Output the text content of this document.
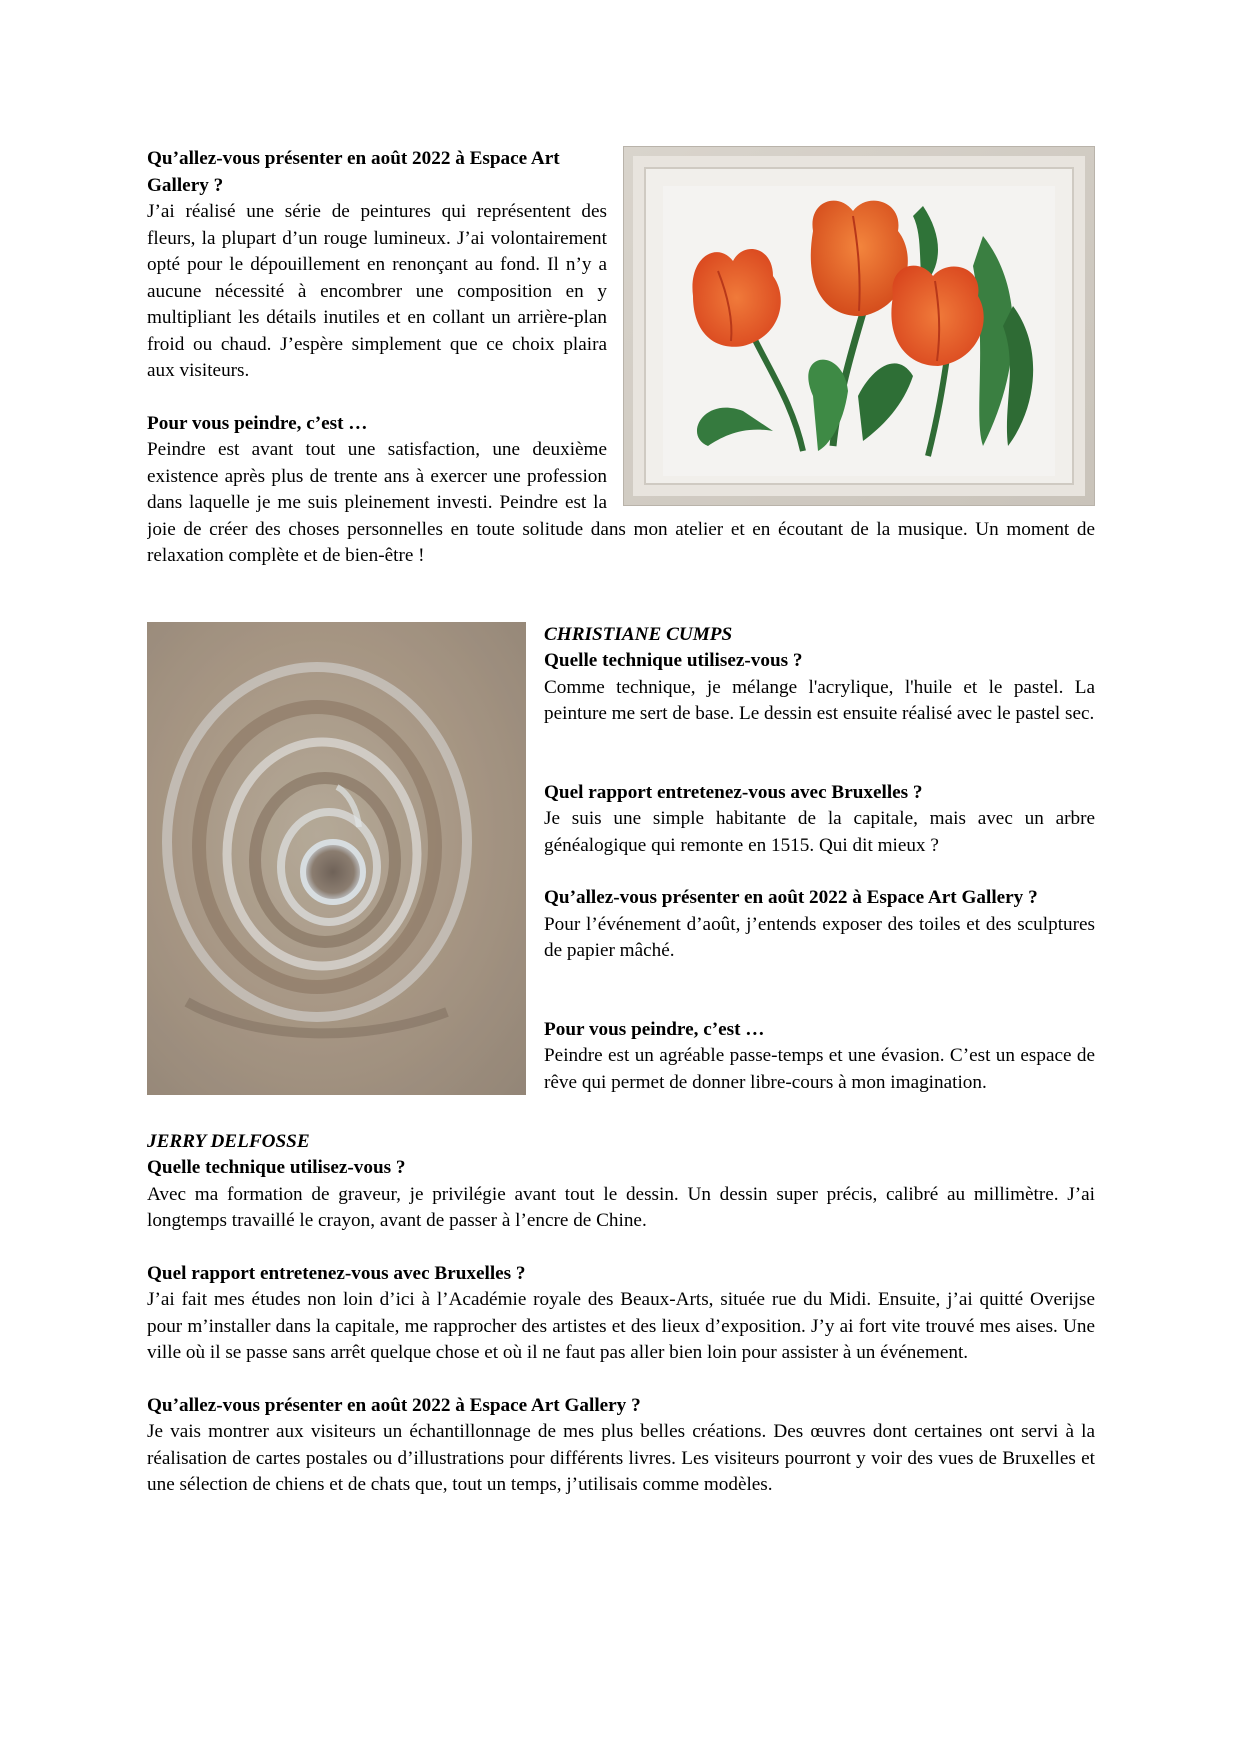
Qu’allez-vous présenter en août 2022 à Espace Art Gallery ?

J’ai réalisé une série de peintures qui représentent des fleurs, la plupart d’un rouge lumineux. J’ai volontairement opté pour le dépouillement en renonçant au fond. Il n’y a aucune nécessité à encombrer une composition en y multipliant les détails inutiles et en collant un arrière-plan froid ou chaud. J’espère simplement que ce choix plaira aux visiteurs.

Pour vous peindre, c’est …

Peindre est avant tout une satisfaction, une deuxième existence après plus de trente ans à exercer une profession dans laquelle je me suis pleinement investi. Peindre est la joie de créer des choses personnelles en toute solitude dans mon atelier et en écoutant de la musique. Un moment de relaxation complète et de bien-être !

CHRISTIANE CUMPS

Quelle technique utilisez-vous ?

Comme technique, je mélange l'acrylique, l'huile et le pastel. La peinture me sert de base. Le dessin est ensuite réalisé avec le pastel sec.

Quel rapport entretenez-vous avec Bruxelles ?

Je suis une simple habitante de la capitale, mais avec un arbre généalogique qui remonte en 1515. Qui dit mieux ?

Qu’allez-vous présenter en août 2022 à Espace Art Gallery ?

Pour l’événement d’août, j’entends exposer des toiles et des sculptures de papier mâché.

Pour vous peindre, c’est …

Peindre est un agréable passe-temps et une évasion. C’est un espace de rêve qui permet de donner libre-cours à mon imagination.

JERRY DELFOSSE

Quelle technique utilisez-vous ?

Avec ma formation de graveur, je privilégie avant tout le dessin. Un dessin super précis, calibré au millimètre. J’ai longtemps travaillé le crayon, avant de passer à l’encre de Chine.

Quel rapport entretenez-vous avec Bruxelles ?

J’ai fait mes études non loin d’ici à l’Académie royale des Beaux-Arts, située rue du Midi. Ensuite, j’ai quitté Overijse pour m’installer dans la capitale, me rapprocher des artistes et des lieux d’exposition. J’y ai fort vite trouvé mes aises. Une ville où il se passe sans arrêt quelque chose et où il ne faut pas aller bien loin pour assister à un événement.

Qu’allez-vous présenter en août 2022 à Espace Art Gallery ?

Je vais montrer aux visiteurs un échantillonnage de mes plus belles créations. Des œuvres dont certaines ont servi à la réalisation de cartes postales ou d’illustrations pour différents livres. Les visiteurs pourront y voir des vues de Bruxelles et une sélection de chiens et de chats que, tout un temps, j’utilisais comme modèles.
